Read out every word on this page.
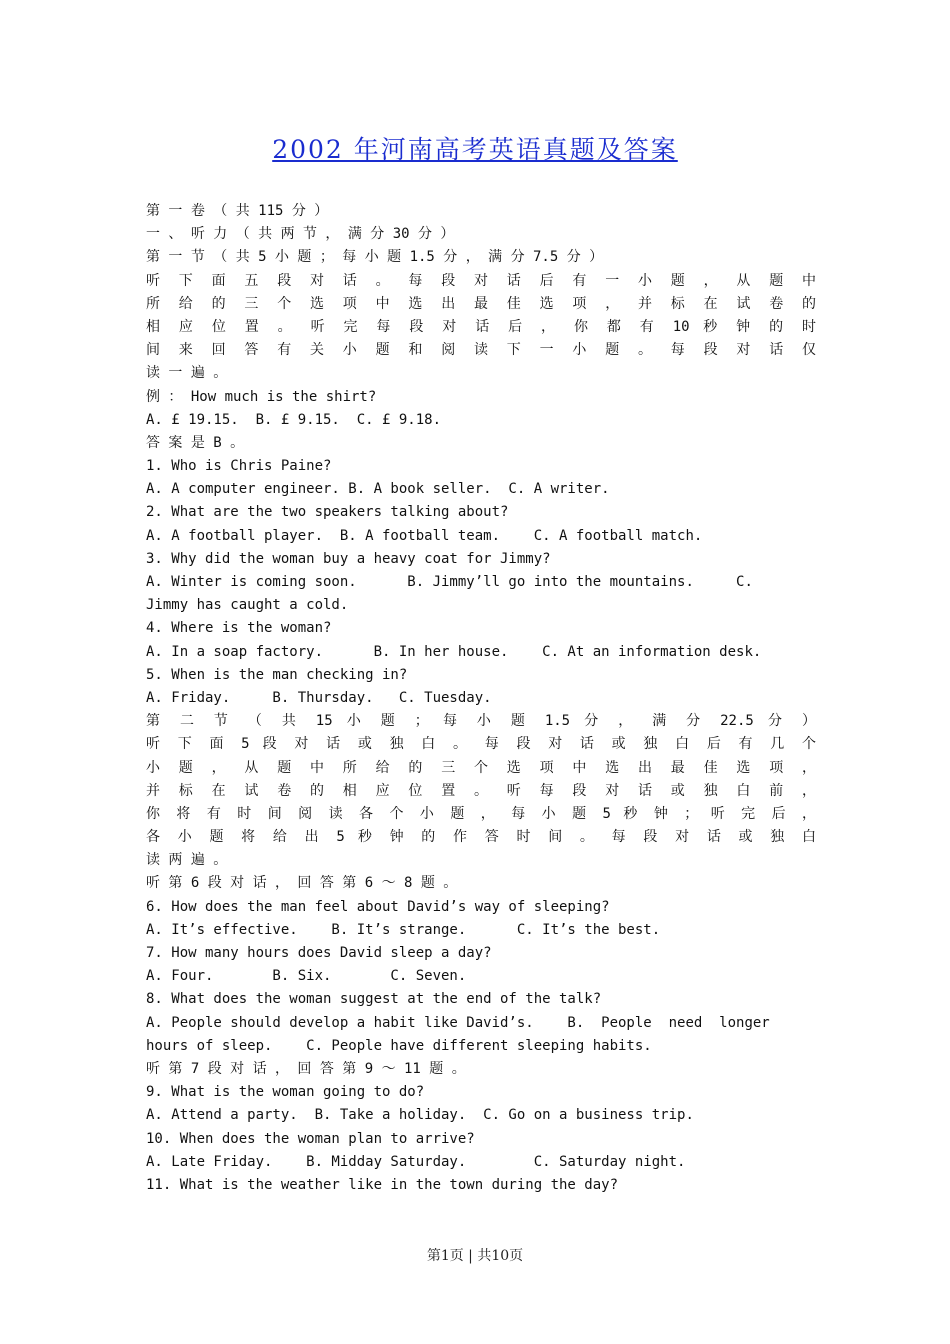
2002 年河南高考英语真题及答案
第 一 卷 （ 共 115 分 ）
一 、 听 力 （ 共 两 节 ， 满 分 30 分 ）
第 一 节 （ 共 5 小 题 ； 每 小 题 1.5 分 ， 满 分 7.5 分 ）
听 下 面 五 段 对 话 。 每 段 对 话 后 有 一 小 题 ， 从 题 中
所 给 的 三 个 选 项 中 选 出 最 佳 选 项 ， 并 标 在 试 卷 的
相 应 位 置 。 听 完 每 段 对 话 后 ， 你 都 有 10 秒 钟 的 时
间 来 回 答 有 关 小 题 和 阅 读 下 一 小 题 。 每 段 对 话 仅
读 一 遍 。
例 ： How much is the shirt?
A. £ 19.15.  B. £ 9.15.  C. £ 9.18.
答 案 是 B 。
1. Who is Chris Paine?
A. A computer engineer. B. A book seller.  C. A writer.
2. What are the two speakers talking about?
A. A football player.  B. A football team.    C. A football match.
3. Why did the woman buy a heavy coat for Jimmy?
A. Winter is coming soon.      B. Jimmy’ll go into the mountains.     C.
Jimmy has caught a cold.
4. Where is the woman?
A. In a soap factory.      B. In her house.    C. At an information desk.
5. When is the man checking in?
A. Friday.     B. Thursday.   C. Tuesday.
第 二 节 （ 共 15 小 题 ； 每 小 题 1.5 分 ， 满 分 22.5 分 ）
听 下 面 5 段 对 话 或 独 白 。 每 段 对 话 或 独 白 后 有 几 个
小 题 ， 从 题 中 所 给 的 三 个 选 项 中 选 出 最 佳 选 项 ，
并 标 在 试 卷 的 相 应 位 置 。 听 每 段 对 话 或 独 白 前 ，
你 将 有 时 间 阅 读 各 个 小 题 ， 每 小 题 5 秒 钟 ； 听 完 后 ，
各 小 题 将 给 出 5 秒 钟 的 作 答 时 间 。 每 段 对 话 或 独 白
读 两 遍 。
听 第 6 段 对 话 ， 回 答 第 6 ～ 8 题 。
6. How does the man feel about David’s way of sleeping?
A. It’s effective.    B. It’s strange.      C. It’s the best.
7. How many hours does David sleep a day?
A. Four.       B. Six.       C. Seven.
8. What does the woman suggest at the end of the talk?
A. People should develop a habit like David’s.    B.  People  need  longer
hours of sleep.    C. People have different sleeping habits.
听 第 7 段 对 话 ， 回 答 第 9 ～ 11 题 。
9. What is the woman going to do?
A. Attend a party.  B. Take a holiday.  C. Go on a business trip.
10. When does the woman plan to arrive?
A. Late Friday.    B. Midday Saturday.        C. Saturday night.
11. What is the weather like in the town during the day?
第1页 | 共10页
